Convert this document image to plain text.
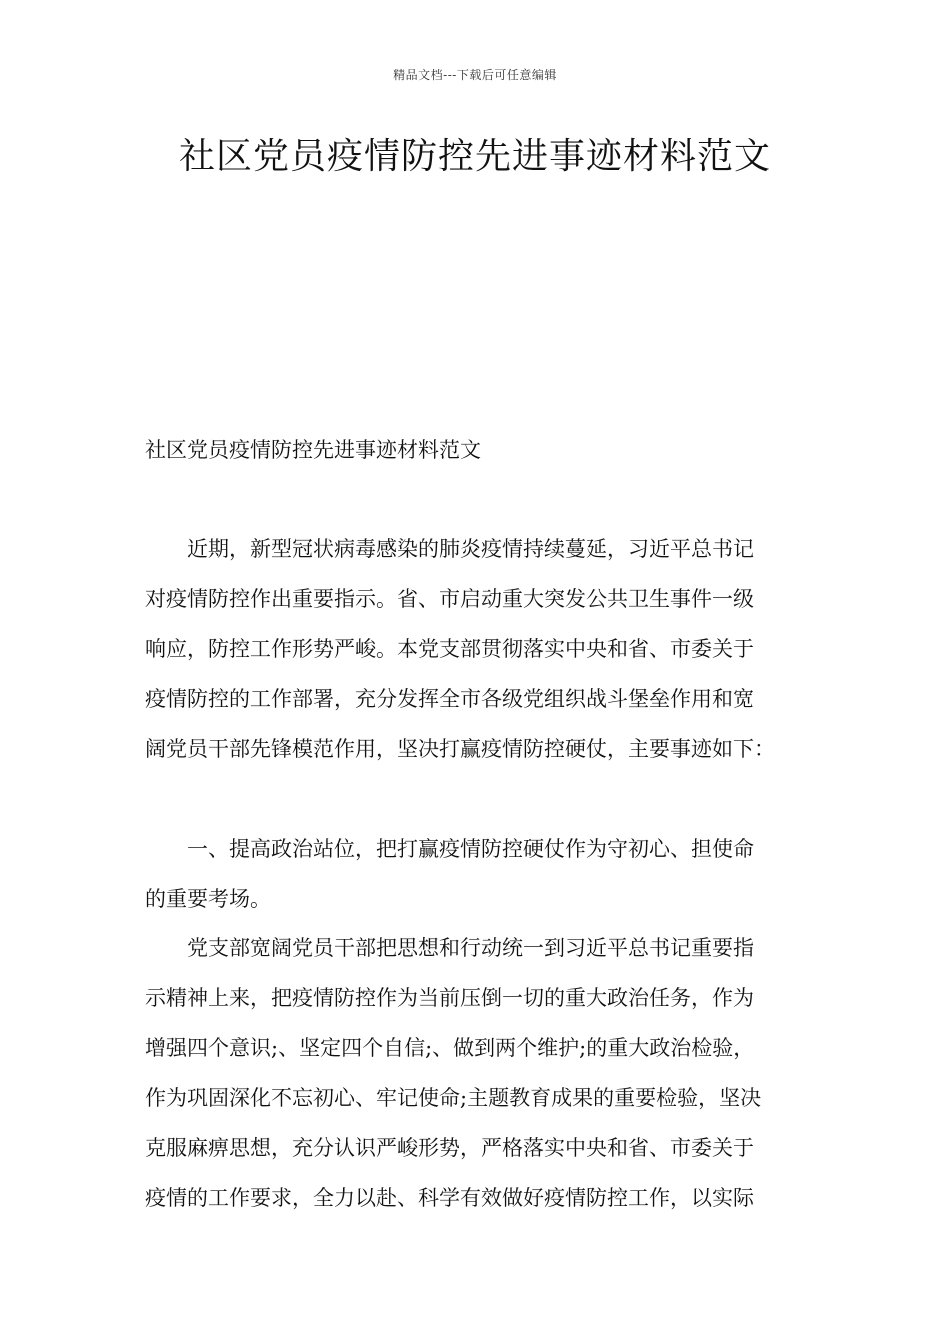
精品文档---下载后可任意编辑
社区党员疫情防控先进事迹材料范文
社区党员疫情防控先进事迹材料范文
近期，新型冠状病毒感染的肺炎疫情持续蔓延，习近平总书记
对疫情防控作出重要指示。省、市启动重大突发公共卫生事件一级
响应，防控工作形势严峻。本党支部贯彻落实中央和省、市委关于
疫情防控的工作部署，充分发挥全市各级党组织战斗堡垒作用和宽
阔党员干部先锋模范作用，坚决打赢疫情防控硬仗，主要事迹如下：
一、提高政治站位，把打赢疫情防控硬仗作为守初心、担使命
的重要考场。
党支部宽阔党员干部把思想和行动统一到习近平总书记重要指
示精神上来，把疫情防控作为当前压倒一切的重大政治任务，作为
增强四个意识;、坚定四个自信;、做到两个维护;的重大政治检验，
作为巩固深化不忘初心、牢记使命;主题教育成果的重要检验，坚决
克服麻痹思想，充分认识严峻形势，严格落实中央和省、市委关于
疫情的工作要求，全力以赴、科学有效做好疫情防控工作，以实际
